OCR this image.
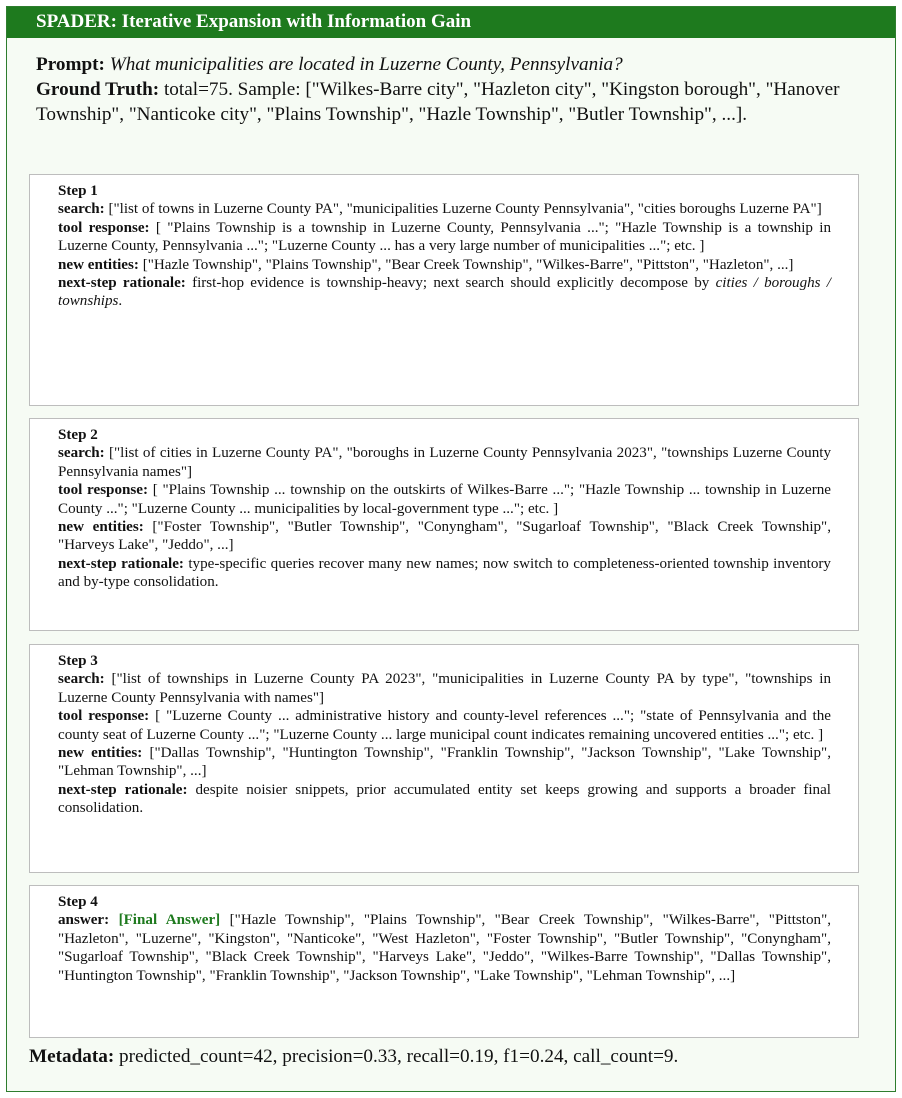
SPADER: Iterative Expansion with Information Gain
Prompt: What municipalities are located in Luzerne County, Pennsylvania?
Ground Truth: total=75. Sample: ["Wilkes-Barre city", "Hazleton city", "Kingston borough", "Hanover Township", "Nanticoke city", "Plains Township", "Hazle Township", "Butler Township", ...].
Step 1
search: ["list of towns in Luzerne County PA", "municipalities Luzerne County Pennsylvania", "cities boroughs Luzerne PA"]
tool response: [ "Plains Township is a township in Luzerne County, Pennsylvania ..."; "Hazle Township is a township in Luzerne County, Pennsylvania ..."; "Luzerne County ... has a very large number of municipalities ..."; etc. ]
new entities: ["Hazle Township", "Plains Township", "Bear Creek Township", "Wilkes-Barre", "Pittston", "Hazleton", ...]
next-step rationale: first-hop evidence is township-heavy; next search should explicitly decompose by cities / boroughs / townships.
Step 2
search: ["list of cities in Luzerne County PA", "boroughs in Luzerne County Pennsylvania 2023", "townships Luzerne County Pennsylvania names"]
tool response: [ "Plains Township ... township on the outskirts of Wilkes-Barre ..."; "Hazle Township ... township in Luzerne County ..."; "Luzerne County ... municipalities by local-government type ..."; etc. ]
new entities: ["Foster Township", "Butler Township", "Conyngham", "Sugarloaf Township", "Black Creek Township", "Harveys Lake", "Jeddo", ...]
next-step rationale: type-specific queries recover many new names; now switch to completeness-oriented township inventory and by-type consolidation.
Step 3
search: ["list of townships in Luzerne County PA 2023", "municipalities in Luzerne County PA by type", "townships in Luzerne County Pennsylvania with names"]
tool response: [ "Luzerne County ... administrative history and county-level references ..."; "state of Pennsylvania and the county seat of Luzerne County ..."; "Luzerne County ... large municipal count indicates remaining uncovered entities ..."; etc. ]
new entities: ["Dallas Township", "Huntington Township", "Franklin Township", "Jackson Township", "Lake Township", "Lehman Township", ...]
next-step rationale: despite noisier snippets, prior accumulated entity set keeps growing and supports a broader final consolidation.
Step 4
answer: [Final Answer] ["Hazle Township", "Plains Township", "Bear Creek Township", "Wilkes-Barre", "Pittston", "Hazleton", "Luzerne", "Kingston", "Nanticoke", "West Hazleton", "Foster Township", "Butler Township", "Conyngham", "Sugarloaf Township", "Black Creek Township", "Harveys Lake", "Jeddo", "Wilkes-Barre Township", "Dallas Township", "Huntington Township", "Franklin Township", "Jackson Township", "Lake Township", "Lehman Township", ...]
Metadata: predicted_count=42, precision=0.33, recall=0.19, f1=0.24, call_count=9.
